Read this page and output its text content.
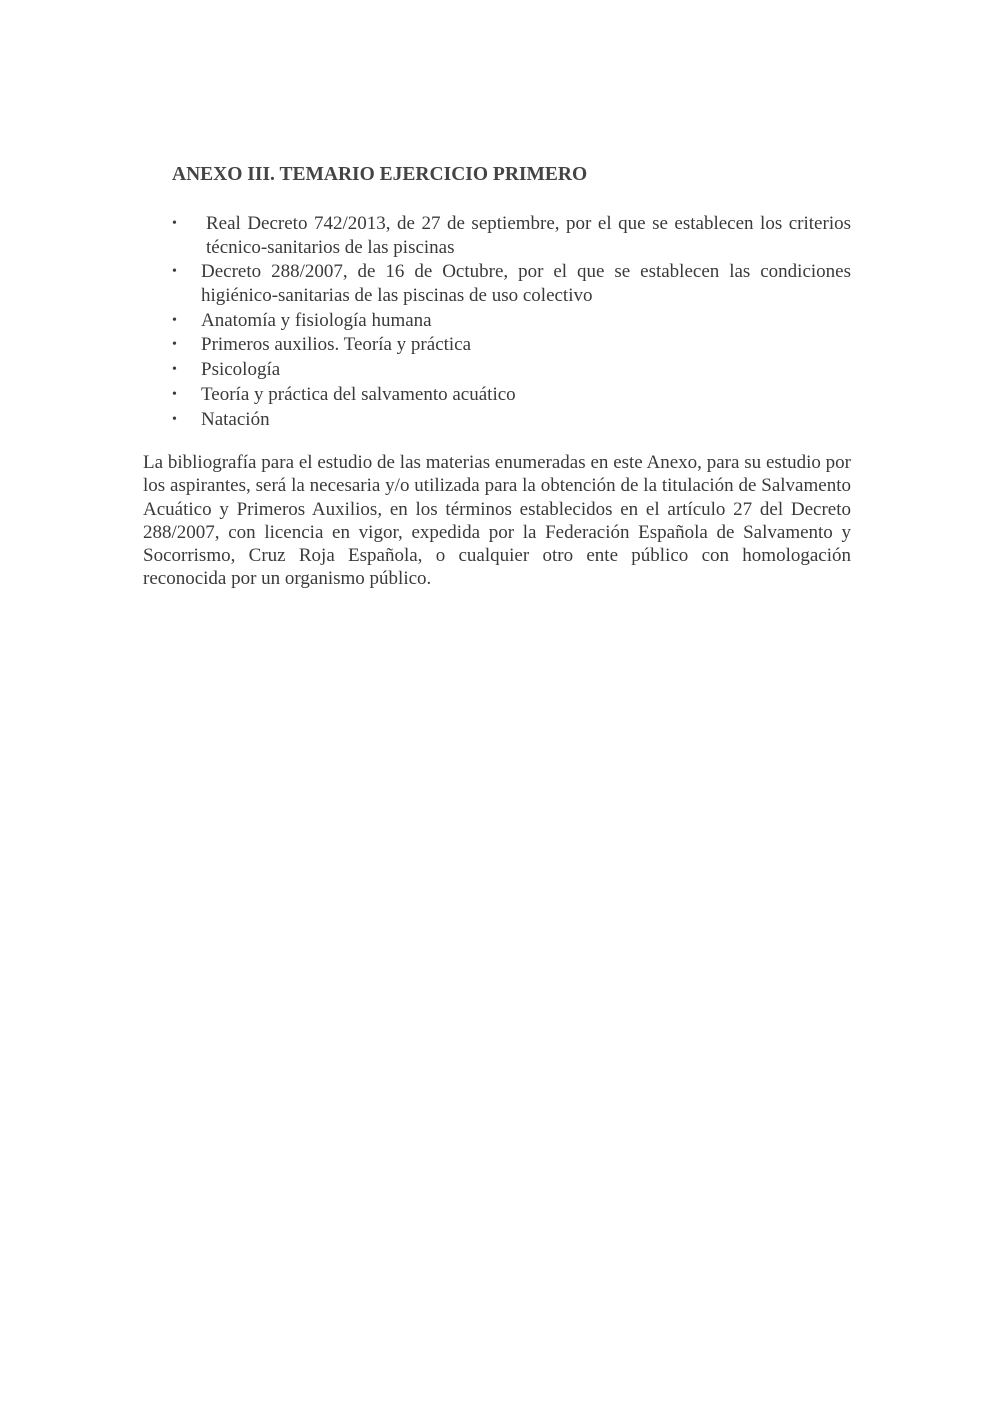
ANEXO III. TEMARIO EJERCICIO PRIMERO
• Real Decreto 742/2013, de 27 de septiembre, por el que se establecen los criterios técnico-sanitarios de las piscinas
• Decreto 288/2007, de 16 de Octubre, por el que se establecen las condiciones higiénico-sanitarias de las piscinas de uso colectivo
• Anatomía y fisiología humana
• Primeros auxilios. Teoría y práctica
• Psicología
• Teoría y práctica del salvamento acuático
• Natación

La bibliografía para el estudio de las materias enumeradas en este Anexo, para su estudio por los aspirantes, será la necesaria y/o utilizada para la obtención de la titulación de Salvamento Acuático y Primeros Auxilios, en los términos establecidos en el artículo 27 del Decreto 288/2007, con licencia en vigor, expedida por la Federación Española de Salvamento y Socorrismo, Cruz Roja Española, o cualquier otro ente público con homologación reconocida por un organismo público.
